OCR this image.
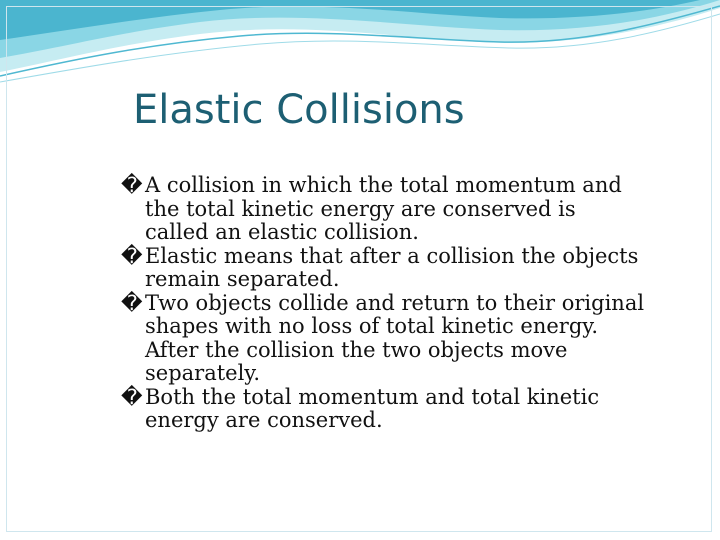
Elastic Collisions
� A collision in which the total momentum and the total kinetic energy are conserved is called an elastic collision.
� Elastic means that after a collision the objects remain separated.
� Two objects collide and return to their original shapes with no loss of total kinetic energy. After the collision the two objects move separately.
� Both the total momentum and total kinetic energy are conserved.
